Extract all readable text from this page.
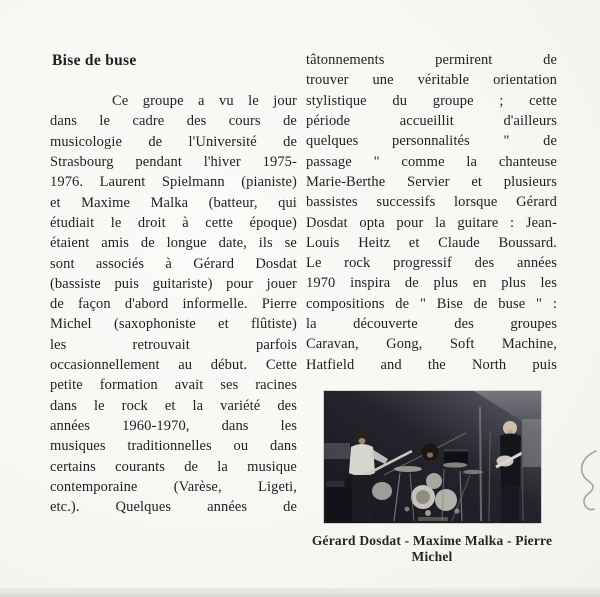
Bise de buse
Ce groupe a vu le jour
dans le cadre des cours de
musicologie de l'Université de
Strasbourg pendant l'hiver 1975-
1976. Laurent Spielmann (pianiste)
et Maxime Malka (batteur, qui
étudiait le droit à cette époque)
étaient amis de longue date, ils se
sont associés à Gérard Dosdat
(bassiste puis guitariste) pour jouer
de façon d'abord informelle. Pierre
Michel (saxophoniste et flûtiste)
les	retrouvait	parfois
occasionnellement au début. Cette
petite formation avait ses racines
dans le rock et la variété des
années 1960-1970, dans les
musiques traditionnelles ou dans
certains courants de la musique
contemporaine	(Varèse,	Ligeti,
etc.). Quelques années de
tâtonnements	permirent	de
trouver une véritable orientation
stylistique du groupe ; cette
période	accueillit	d'ailleurs
quelques personnalités " de
passage " comme la chanteuse
Marie-Berthe Servier et plusieurs
bassistes successifs lorsque Gérard
Dosdat opta pour la guitare : Jean-
Louis Heitz et Claude Boussard.
Le rock progressif des années
1970 inspira de plus en plus les
compositions de " Bise de buse " :
la	découverte	des	groupes
Caravan, Gong, Soft Machine,
Hatfield and the North puis
Gérard Dosdat - Maxime Malka - Pierre Michel
